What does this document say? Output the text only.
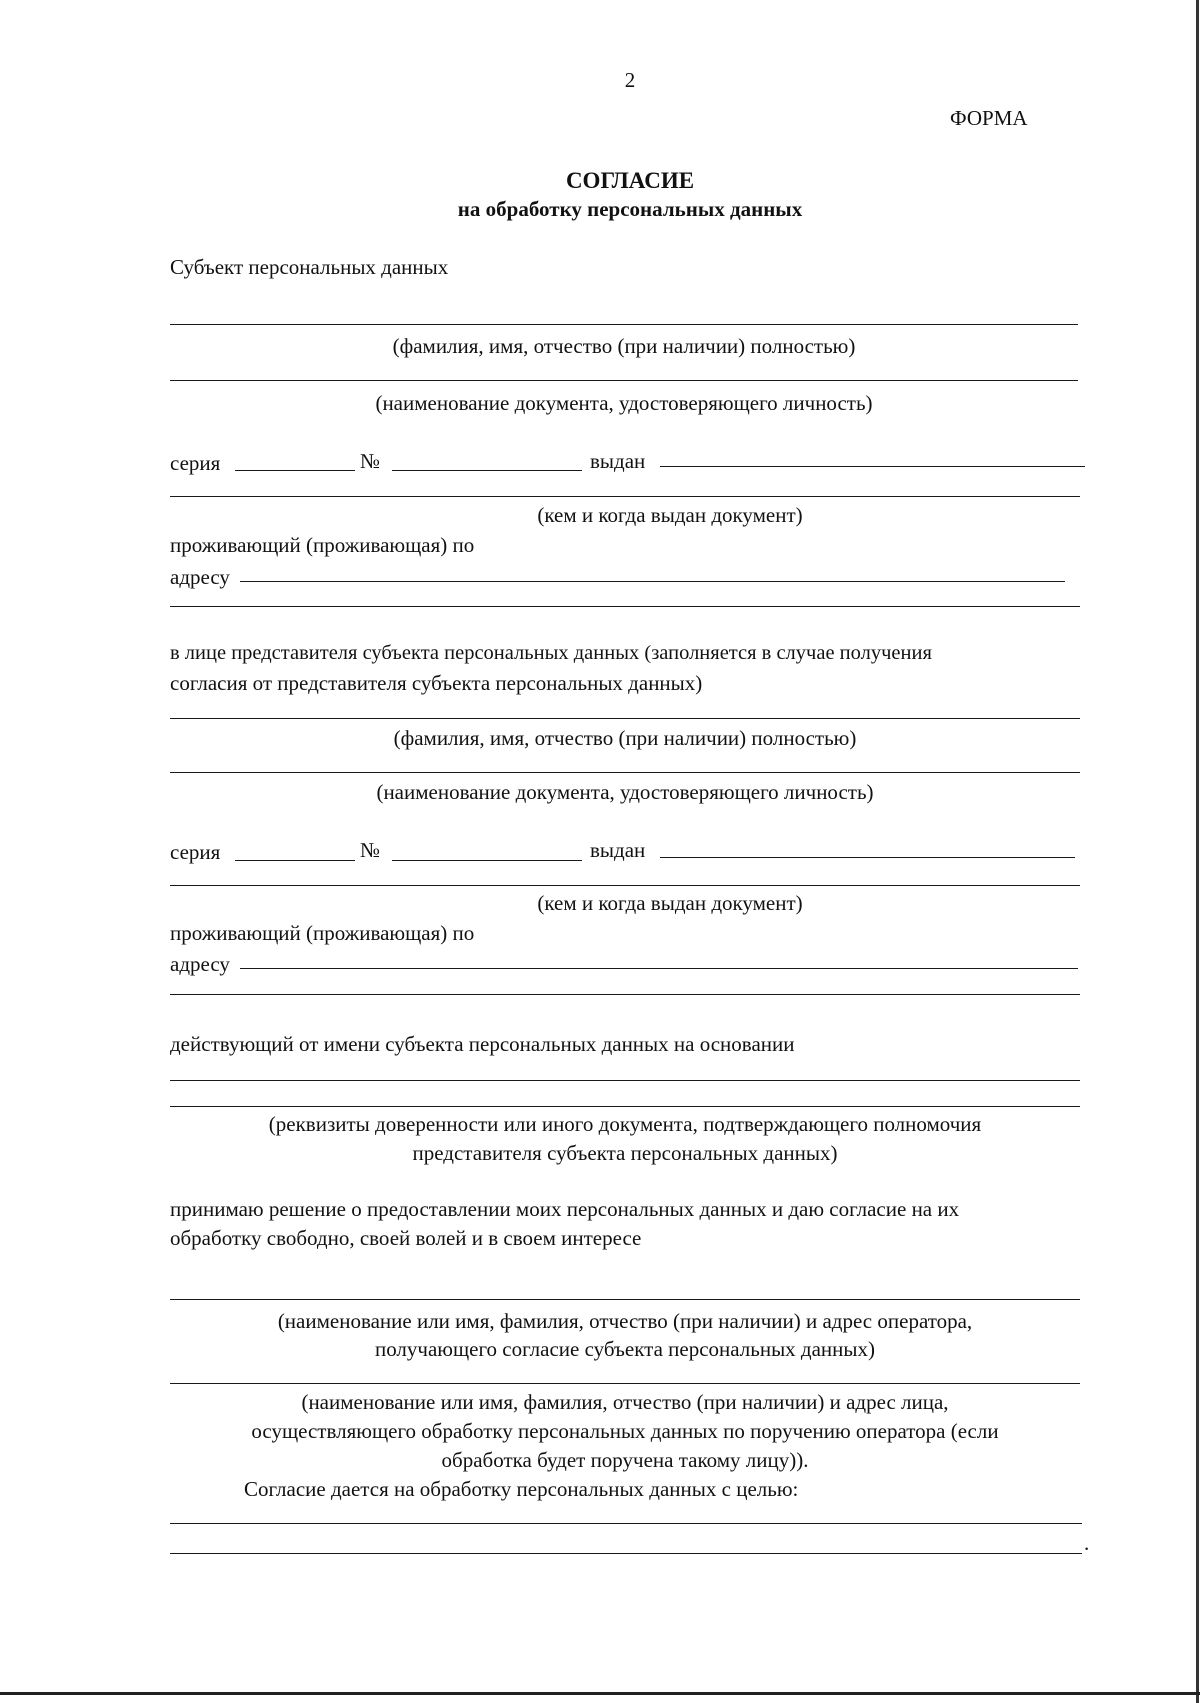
2
ФОРМА
СОГЛАСИЕ
на обработку персональных данных
Субъект персональных данных
(фамилия, имя, отчество (при наличии) полностью)
(наименование документа, удостоверяющего личность)
серия	№	выдан
(кем и когда выдан документ)
проживающий (проживающая) по
адресу
в лице представителя субъекта персональных данных (заполняется в случае получения
согласия от представителя субъекта персональных данных)
(фамилия, имя, отчество (при наличии) полностью)
(наименование документа, удостоверяющего личность)
серия	№	выдан
(кем и когда выдан документ)
проживающий (проживающая) по
адресу
действующий от имени субъекта персональных данных на основании
(реквизиты доверенности или иного документа, подтверждающего полномочия
представителя субъекта персональных данных)
принимаю решение о предоставлении моих персональных данных и даю согласие на их
обработку свободно, своей волей и в своем интересе
(наименование или имя, фамилия, отчество (при наличии) и адрес оператора,
получающего согласие субъекта персональных данных)
(наименование или имя, фамилия, отчество (при наличии) и адрес лица,
осуществляющего обработку персональных данных по поручению оператора (если
обработка будет поручена такому лицу)).
Согласие дается на обработку персональных данных с целью:
.
